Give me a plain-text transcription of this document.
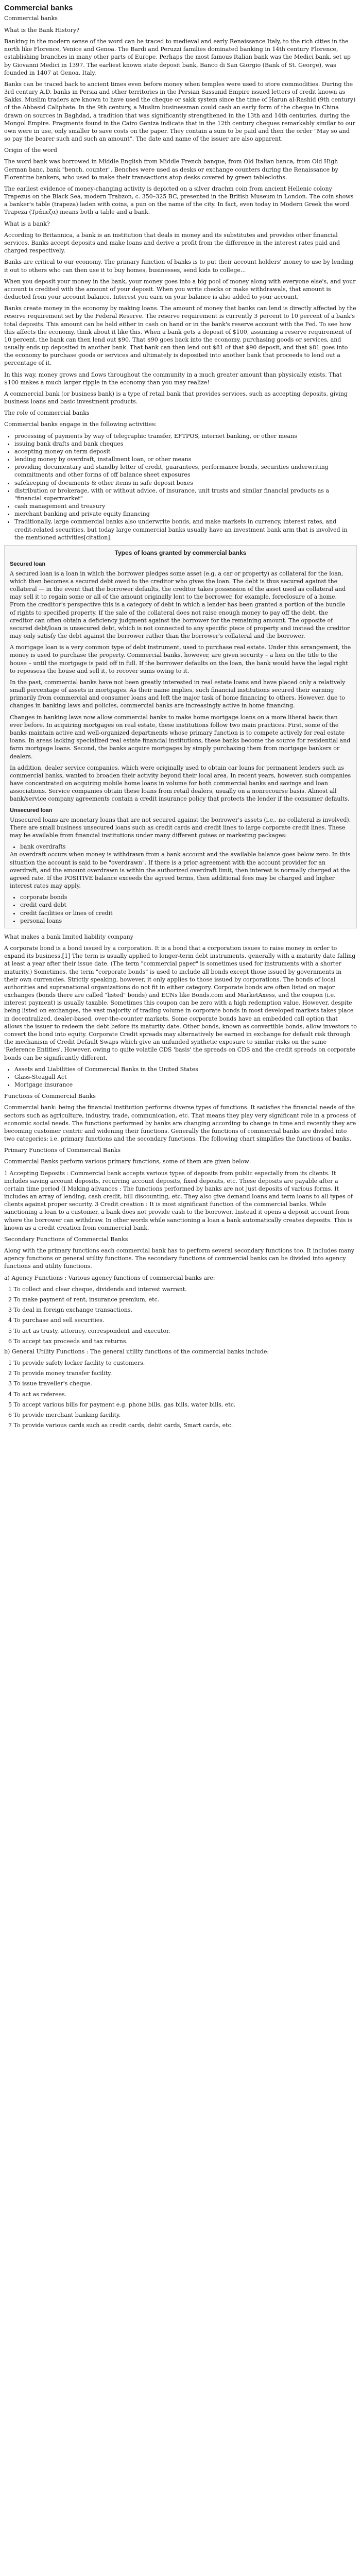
Commercial banks

Commercial banks

What is the Bank History?

Banking in the modern sense of the word can be traced to medieval and early Renaissance Italy, to the rich cities in the north like Florence, Venice and Genoa. The Bardi and Peruzzi families dominated banking in 14th century Florence, establishing branches in many other parts of Europe. Perhaps the most famous Italian bank was the Medici bank, set up by Giovanni Medici in 1397. The earliest known state deposit bank, Banco di San Giorgio (Bank of St. George), was founded in 1407 at Genoa, Italy.

Banks can be traced back to ancient times even before money when temples were used to store commodities. During the 3rd century A.D. banks in Persia and other territories in the Persian Sassanid Empire issued letters of credit known as Sakks. Muslim traders are known to have used the cheque or sakk system since the time of Harun al-Rashid (9th century) of the Abbasid Caliphate. In the 9th century, a Muslim businessman could cash an early form of the cheque in China drawn on sources in Baghdad, a tradition that was significantly strengthened in the 13th and 14th centuries, during the Mongol Empire. Fragments found in the Cairo Geniza indicate that in the 12th century cheques remarkably similar to our own were in use, only smaller to save costs on the paper. They contain a sum to be paid and then the order "May so and so pay the bearer such and such an amount". The date and name of the issuer are also apparent.

Origin of the word

The word bank was borrowed in Middle English from Middle French banque, from Old Italian banca, from Old High German banc, bank "bench, counter". Benches were used as desks or exchange counters during the Renaissance by Florentine bankers, who used to make their transactions atop desks covered by green tablecloths.

The earliest evidence of money-changing activity is depicted on a silver drachm coin from ancient Hellenic colony Trapezus on the Black Sea, modern Trabzon, c. 350–325 BC, presented in the British Museum in London. The coin shows a banker's table (trapeza) laden with coins, a pun on the name of the city. In fact, even today in Modern Greek the word Trapeza (Τράπεζα) means both a table and a bank.

What is a bank?

According to Britannica, a bank is an institution that deals in money and its substitutes and provides other financial services. Banks accept deposits and make loans and derive a profit from the difference in the interest rates paid and charged respectively.

Banks are critical to our economy. The primary function of banks is to put their account holders' money to use by lending it out to others who can then use it to buy homes, businesses, send kids to college...

When you deposit your money in the bank, your money goes into a big pool of money along with everyone else's, and your account is credited with the amount of your deposit. When you write checks or make withdrawals, that amount is deducted from your account balance. Interest you earn on your balance is also added to your account.

Banks create money in the economy by making loans. The amount of money that banks can lend is directly affected by the reserve requirement set by the Federal Reserve. The reserve requirement is currently 3 percent to 10 percent of a bank's total deposits. This amount can be held either in cash on hand or in the bank's reserve account with the Fed. To see how this affects the economy, think about it like this. When a bank gets a deposit of $100, assuming a reserve requirement of 10 percent, the bank can then lend out $90. That $90 goes back into the economy, purchasing goods or services, and usually ends up deposited in another bank. That bank can then lend out $81 of that $90 deposit, and that $81 goes into the economy to purchase goods or services and ultimately is deposited into another bank that proceeds to lend out a percentage of it.

In this way, money grows and flows throughout the community in a much greater amount than physically exists. That $100 makes a much larger ripple in the economy than you may realize!

A commercial bank (or business bank) is a type of retail bank that provides services, such as accepting deposits, giving business loans and basic investment products.

The role of commercial banks

Commercial banks engage in the following activities:

• processing of payments by way of telegraphic transfer, EFTPOS, internet banking, or other means
• issuing bank drafts and bank cheques
• accepting money on term deposit
• lending money by overdraft, installment loan, or other means
• providing documentary and standby letter of credit, guarantees, performance bonds, securities underwriting commitments and other forms of off balance sheet exposures
• safekeeping of documents & other items in safe deposit boxes
• distribution or brokerage, with or without advice, of insurance, unit trusts and similar financial products as a "financial supermarket"
• cash management and treasury
• merchant banking and private equity financing
• Traditionally, large commercial banks also underwrite bonds, and make markets in currency, interest rates, and credit-related securities, but today large commercial banks usually have an investment bank arm that is involved in the mentioned activities[citation].
Types of loans granted by commercial banks
Secured loan

A secured loan is a loan in which the borrower pledges some asset (e.g. a car or property) as collateral for the loan, which then becomes a secured debt owed to the creditor who gives the loan. The debt is thus secured against the collateral — in the event that the borrower defaults, the creditor takes possession of the asset used as collateral and may sell it to regain some or all of the amount originally lent to the borrower, for example, foreclosure of a home. From the creditor's perspective this is a category of debt in which a lender has been granted a portion of the bundle of rights to specified property. If the sale of the collateral does not raise enough money to pay off the debt, the creditor can often obtain a deficiency judgment against the borrower for the remaining amount. The opposite of secured debt/loan is unsecured debt, which is not connected to any specific piece of property and instead the creditor may only satisfy the debt against the borrower rather than the borrower's collateral and the borrower.

A mortgage loan is a very common type of debt instrument, used to purchase real estate. Under this arrangement, the money is used to purchase the property. Commercial banks, however, are given security – a lien on the title to the house – until the mortgage is paid off in full. If the borrower defaults on the loan, the bank would have the legal right to repossess the house and sell it, to recover sums owing to it.

In the past, commercial banks have not been greatly interested in real estate loans and have placed only a relatively small percentage of assets in mortgages. As their name implies, such financial institutions secured their earning primarily from commercial and consumer loans and left the major task of home financing to others. However, due to changes in banking laws and policies, commercial banks are increasingly active in home financing.

Changes in banking laws now allow commercial banks to make home mortgage loans on a more liberal basis than ever before. In acquiring mortgages on real estate, these institutions follow two main practices. First, some of the banks maintain active and well-organized departments whose primary function is to compete actively for real estate loans. In areas lacking specialized real estate financial institutions, these banks become the source for residential and farm mortgage loans. Second, the banks acquire mortgages by simply purchasing them from mortgage bankers or dealers.

In addition, dealer service companies, which were originally used to obtain car loans for permanent lenders such as commercial banks, wanted to broaden their activity beyond their local area. In recent years, however, such companies have concentrated on acquiring mobile home loans in volume for both commercial banks and savings and loan associations. Service companies obtain these loans from retail dealers, usually on a nonrecourse basis. Almost all bank/service company agreements contain a credit insurance policy that protects the lender if the consumer defaults.

Unsecured loan

Unsecured loans are monetary loans that are not secured against the borrower's assets (i.e., no collateral is involved). There are small business unsecured loans such as credit cards and credit lines to large corporate credit lines. These may be available from financial institutions under many different guises or marketing packages:

• bank overdrafts

An overdraft occurs when money is withdrawn from a bank account and the available balance goes below zero. In this situation the account is said to be "overdrawn". If there is a prior agreement with the account provider for an overdraft, and the amount overdrawn is within the authorized overdraft limit, then interest is normally charged at the agreed rate. If the POSITIVE balance exceeds the agreed terms, then additional fees may be charged and higher interest rates may apply.

• corporate bonds
• credit card debt
• credit facilities or lines of credit
• personal loans

What makes a bank limited liability company

A corporate bond is a bond issued by a corporation. It is a bond that a corporation issues to raise money in order to expand its business.[1] The term is usually applied to longer-term debt instruments, generally with a maturity date falling at least a year after their issue date. (The term "commercial paper" is sometimes used for instruments with a shorter maturity.) Sometimes, the term "corporate bonds" is used to include all bonds except those issued by governments in their own currencies. Strictly speaking, however, it only applies to those issued by corporations. The bonds of local authorities and supranational organizations do not fit in either category. Corporate bonds are often listed on major exchanges (bonds there are called "listed" bonds) and ECNs like Bonds.com and MarketAxess, and the coupon (i.e. interest payment) is usually taxable. Sometimes this coupon can be zero with a high redemption value. However, despite being listed on exchanges, the vast majority of trading volume in corporate bonds in most developed markets takes place in decentralized, dealer-based, over-the-counter markets. Some corporate bonds have an embedded call option that allows the issuer to redeem the debt before its maturity date. Other bonds, known as convertible bonds, allow investors to convert the bond into equity. Corporate Credit spreads may alternatively be earned in exchange for default risk through the mechanism of Credit Default Swaps which give an unfunded synthetic exposure to similar risks on the same 'Reference Entities'. However, owing to quite volatile CDS 'basis' the spreads on CDS and the credit spreads on corporate bonds can be significantly different.

• Assets and Liabilities of Commercial Banks in the United States
• Glass-Steagall Act
• Mortgage insurance

Functions of Commercial Banks

Commercial bank: being the financial institution performs diverse types of functions. It satisfies the financial needs of the sectors such as agriculture, industry, trade, communication, etc. That means they play very significant role in a process of economic social needs. The functions performed by banks are changing according to change in time and recently they are becoming customer centric and widening their functions. Generally the functions of commercial banks are divided into two categories: i.e. primary functions and the secondary functions. The following chart simplifies the functions of banks.

Primary Functions of Commercial Banks

Commercial Banks perform various primary functions, some of them are given below:

1 Accepting Deposits : Commercial bank accepts various types of deposits from public especially from its clients. It includes saving account deposits, recurring account deposits, fixed deposits, etc. These deposits are payable after a certain time period (I Making advances : The functions performed by banks are not just deposits of various forms. It includes an array of lending, cash credit, bill discounting, etc. They also give demand loans and term loans to all types of clients against proper security. 3 Credit creation : It is most significant function of the commercial banks. While sanctioning a loan to a customer, a bank does not provide cash to the borrower. Instead it opens a deposit account from where the borrower can withdraw. In other words while sanctioning a loan a bank automatically creates deposits. This is known as a credit creation from commercial bank.

Secondary Functions of Commercial Banks

Along with the primary functions each commercial bank has to perform several secondary functions too. It includes many agency functions or general utility functions. The secondary functions of commercial banks can be divided into agency functions and utility functions.

a) Agency Functions : Various agency functions of commercial banks are:

1 To collect and clear cheque, dividends and interest warrant.

2 To make payment of rent, insurance premium, etc.

3 To deal in foreign exchange transactions.

4 To purchase and sell securities.

5 To act as trusty, attorney, correspondent and executor.

6 To accept tax proceeds and tax returns.

b) General Utility Functions : The general utility functions of the commercial banks include:

1 To provide safety locker facility to customers.

2 To provide money transfer facility.

3 To issue traveller's cheque.

4 To act as referees.

5 To accept various bills for payment e.g. phone bills, gas bills, water bills, etc.

6 To provide merchant banking facility.

7 To provide various cards such as credit cards, debit cards, Smart cards, etc.
